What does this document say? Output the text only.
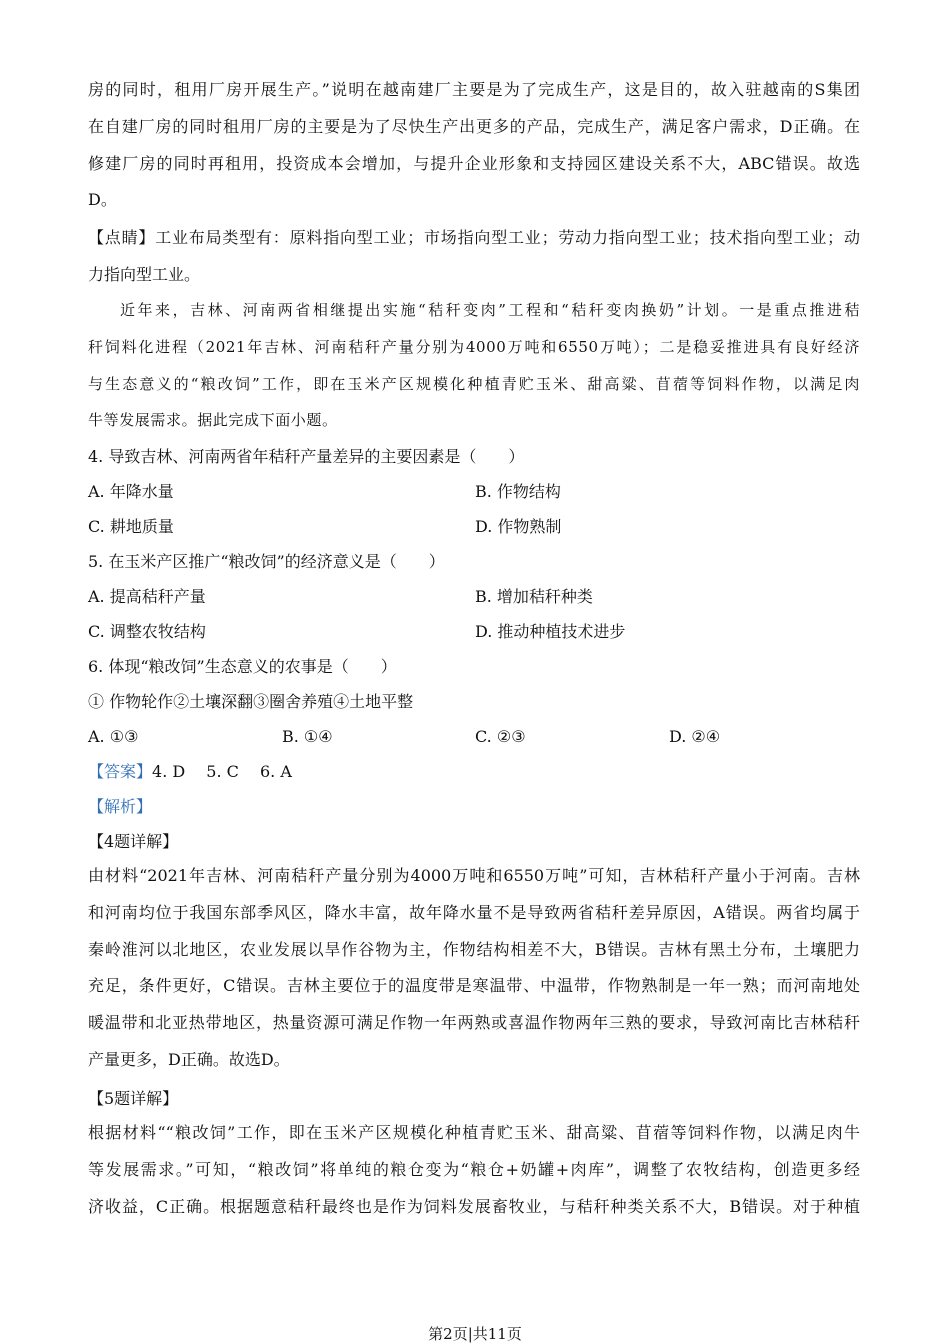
房的同时，租用厂房开展生产。”说明在越南建厂主要是为了完成生产，这是目的，故入驻越南的S集团
在自建厂房的同时租用厂房的主要是为了尽快生产出更多的产品，完成生产，满足客户需求，D正确。在
修建厂房的同时再租用，投资成本会增加，与提升企业形象和支持园区建设关系不大，ABC错误。故选
D。
【点睛】工业布局类型有：原料指向型工业；市场指向型工业；劳动力指向型工业；技术指向型工业；动
力指向型工业。
近年来，吉林、河南两省相继提出实施“秸秆变肉”工程和“秸秆变肉换奶”计划。一是重点推进秸
秆饲料化进程（2021年吉林、河南秸秆产量分别为4000万吨和6550万吨）；二是稳妥推进具有良好经济
与生态意义的“粮改饲”工作，即在玉米产区规模化种植青贮玉米、甜高粱、苜蓿等饲料作物，以满足肉
牛等发展需求。据此完成下面小题。
4. 导致吉林、河南两省年秸秆产量差异的主要因素是（　　）
A. 年降水量	B. 作物结构
C. 耕地质量	D. 作物熟制
5. 在玉米产区推广“粮改饲”的经济意义是（　　）
A. 提高秸秆产量	B. 增加秸秆种类
C. 调整农牧结构	D. 推动种植技术进步
6. 体现“粮改饲”生态意义的农事是（　　）
① 作物轮作②土壤深翻③圈舍养殖④土地平整
A. ①③	B. ①④	C. ②③	D. ②④
【答案】4. D　 5. C　 6. A
【解析】
【4题详解】
由材料“2021年吉林、河南秸秆产量分别为4000万吨和6550万吨”可知，吉林秸秆产量小于河南。吉林
和河南均位于我国东部季风区，降水丰富，故年降水量不是导致两省秸秆差异原因，A错误。两省均属于
秦岭淮河以北地区，农业发展以旱作谷物为主，作物结构相差不大，B错误。吉林有黑土分布，土壤肥力
充足，条件更好，C错误。吉林主要位于的温度带是寒温带、中温带，作物熟制是一年一熟；而河南地处
暖温带和北亚热带地区，热量资源可满足作物一年两熟或喜温作物两年三熟的要求，导致河南比吉林秸秆
产量更多，D正确。故选D。
【5题详解】
根据材料““粮改饲”工作，即在玉米产区规模化种植青贮玉米、甜高粱、苜蓿等饲料作物，以满足肉牛
等发展需求。”可知，“粮改饲”将单纯的粮仓变为“粮仓+奶罐+肉库”，调整了农牧结构，创造更多经
济收益，C正确。根据题意秸秆最终也是作为饲料发展畜牧业，与秸秆种类关系不大，B错误。对于种植
第2页|共11页
